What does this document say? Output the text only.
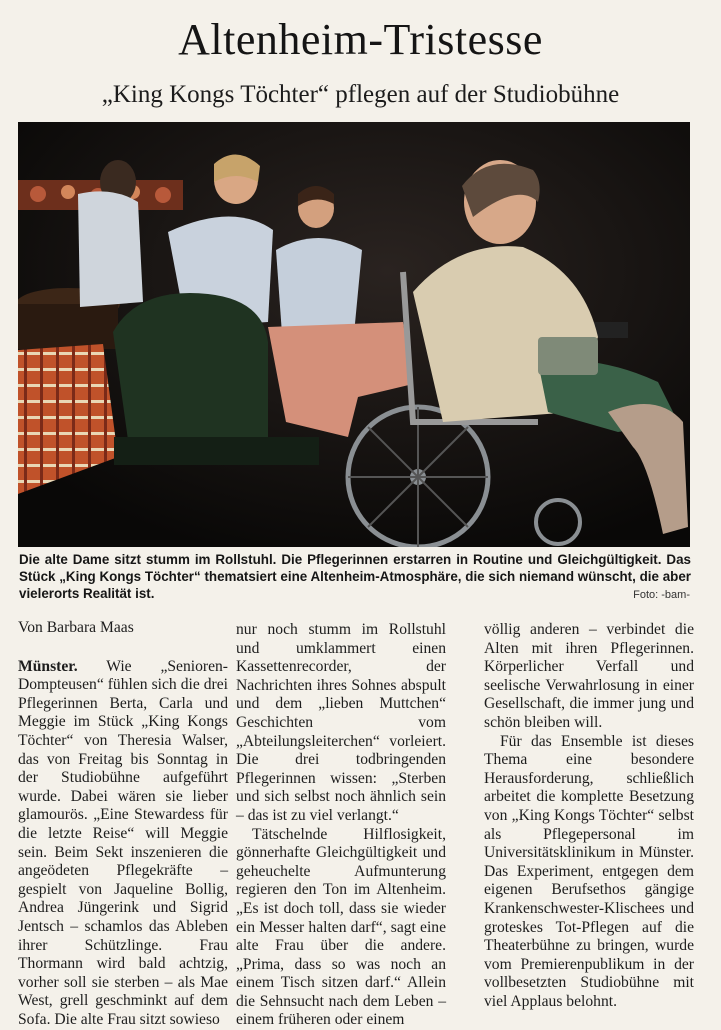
Altenheim-Tristesse
„King Kongs Töchter“ pflegen auf der Studiobühne
Die alte Dame sitzt stumm im Rollstuhl. Die Pflegerinnen erstarren in Routine und Gleichgültigkeit. Das Stück „King Kongs Töchter“ thematsiert eine Altenheim-Atmosphäre, die sich niemand wünscht, die aber vielerorts Realität ist.	Foto: -bam-

Von Barbara Maas

Münster. Wie „Senioren-Dompteusen“ fühlen sich die drei Pflegerinnen Berta, Carla und Meggie im Stück „King Kongs Töchter“ von Theresia Walser, das von Freitag bis Sonntag in der Studiobühne aufgeführt wurde. Dabei wären sie lieber glamourös. „Eine Stewardess für die letzte Reise“ will Meggie sein. Beim Sekt inszenieren die angeödeten Pflegekräfte – gespielt von Jaqueline Bollig, Andrea Jüngerink und Sigrid Jentsch – schamlos das Ableben ihrer Schützlinge. Frau Thormann wird bald achtzig, vorher soll sie sterben – als Mae West, grell geschminkt auf dem Sofa. Die alte Frau sitzt sowieso

nur noch stumm im Rollstuhl und umklammert einen Kassettenrecorder, der Nachrichten ihres Sohnes abspult und dem „lieben Muttchen“ Geschichten vom „Abteilungsleiterchen“ vorleiert. Die drei todbringenden Pflegerinnen wissen: „Sterben und sich selbst noch ähnlich sein – das ist zu viel verlangt.“

Tätschelnde Hilflosigkeit, gönnerhafte Gleichgültigkeit und geheuchelte Aufmunterung regieren den Ton im Altenheim. „Es ist doch toll, dass sie wieder ein Messer halten darf“, sagt eine alte Frau über die andere. „Prima, dass so was noch an einem Tisch sitzen darf.“ Allein die Sehnsucht nach dem Leben – einem früheren oder einem

völlig anderen – verbindet die Alten mit ihren Pflegerinnen. Körperlicher Verfall und seelische Verwahrlosung in einer Gesellschaft, die immer jung und schön bleiben will.

Für das Ensemble ist dieses Thema eine besondere Herausforderung, schließlich arbeitet die komplette Besetzung von „King Kongs Töchter“ selbst als Pflegepersonal im Universitätsklinikum in Münster. Das Experiment, entgegen dem eigenen Berufsethos gängige Krankenschwester-Klischees und groteskes Tot-Pflegen auf die Theaterbühne zu bringen, wurde vom Premierenpublikum in der vollbesetzten Studiobühne mit viel Applaus belohnt.
